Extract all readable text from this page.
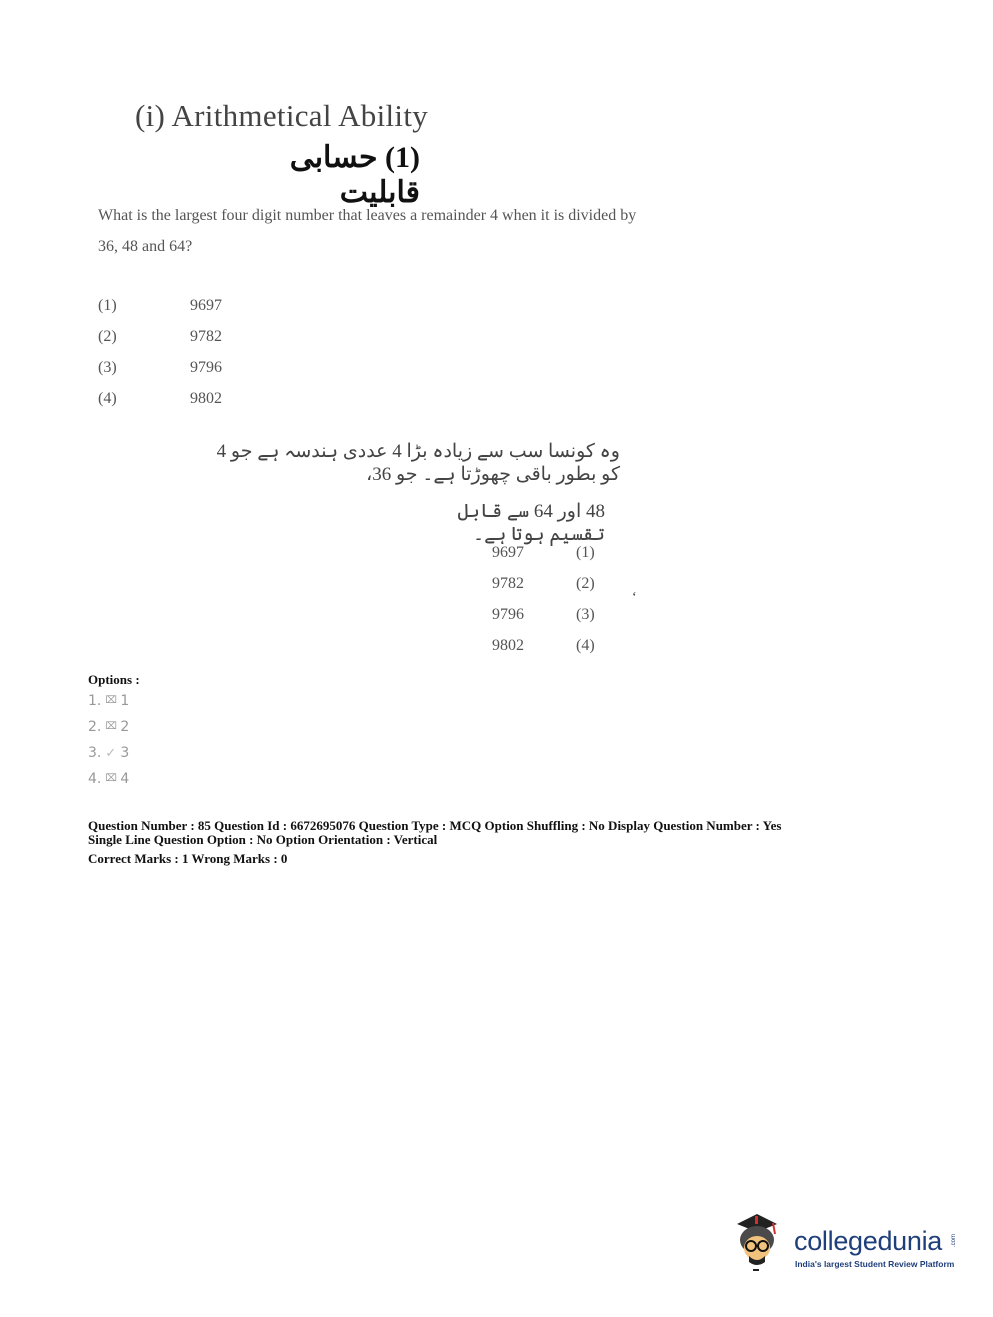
(i) Arithmetical Ability
(1) حسابی قابلیت
What is the largest four digit number that leaves a remainder 4 when it is divided by 36, 48 and 64?
(1)	9697
(2)	9782
(3)	9796
(4)	9802
وہ کونسا سب سے زیادہ بڑا 4 عددی ہندسہ ہے جو 4 کو بطور باقی چھوڑتا ہے۔ جو 36،
48 اور 64 سے قابل تقسیم ہوتا ہے۔
9697	(1)
9782	(2)
9796	(3)
9802	(4)
‘
Options :
1. ⌧ 1
2. ⌧ 2
3. ✓ 3
4. ⌧ 4
Question Number : 85 Question Id : 6672695076 Question Type : MCQ Option Shuffling : No Display Question Number : Yes
Single Line Question Option : No Option Orientation : Vertical
Correct Marks : 1 Wrong Marks : 0
collegedunia .com
India's largest Student Review Platform
